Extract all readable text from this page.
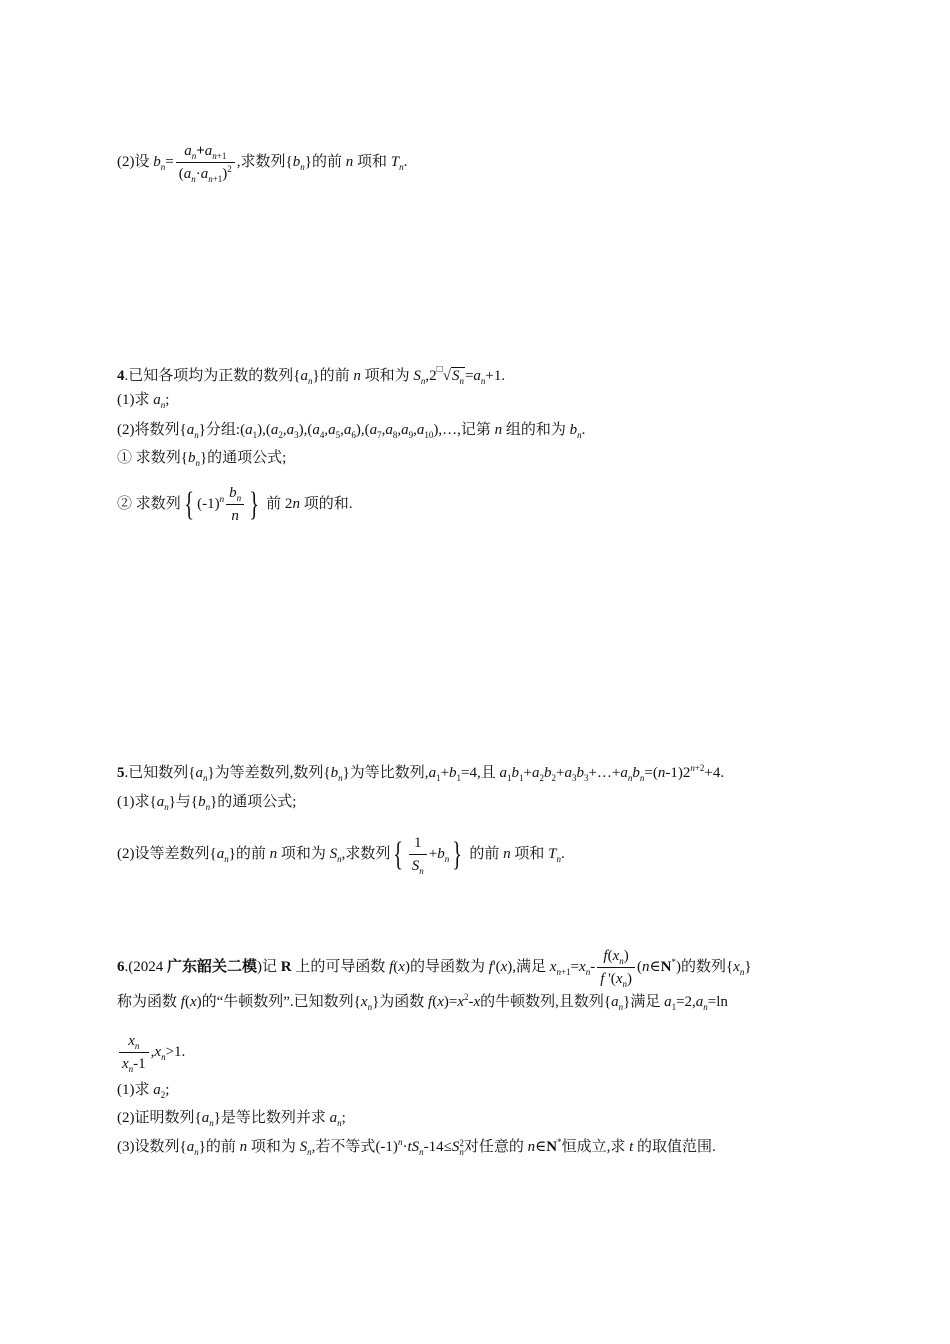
(2)设 $b_n= \frac{a_n+a_{n+1}}{(a_n\cdot a_{n+1})^2}$ ,求数列$\{b_n\}$的前 n 项和 $T_n$.
4.已知各项均为正数的数列$\{a_n\}$的前 n 项和为 $S_n,2^□√S_n=a_n+1$.
(1)求 $a_n$;
(2)将数列$\{a_n\}$分组$:(a_1),(a_2,a_3),(a_4,a_5,a_6),(a_7,a_8,a_9,a_{10}),\dots$,记第 n 组的和为 $b_n$.
① 求数列$\{b_n\}$的通项公式;
② 求数列{ $(-1)^n \frac{b_n}{n}$ } 前 2n 项的和.
5.已知数列$\{a_n\}$为等差数列,数列$\{b_n\}$为等比数列$,a_1+b_1=4$,且 $a_1b_1+a_2b_2+a_3b_3+\dots+a_nb_n=(n-1)2^{n+2}+4$.
(1)求$\{a_n\}$与$\{b_n\}$的通项公式;
(2)设等差数列$\{a_n\}$的前 n 项和为 $S_n$,求数列{ $\frac{1}{S_n} +b_n$} 的前 n 项和 $T_n$.
6.(2024 广东韶关二模)记 R 上的可导函数 f(x)的导函数为 f'(x),满足 $x_{n+1}=x_n- \frac{f(x_n)}{f '(x_n)}$ (n∈N*)的数列$\{x_n\}$
称为函数 f(x)的“牛顿数列”.已知数列$\{x_n\}$为函数 $f(x)=x^2-x$的牛顿数列,且数列$\{a_n\}$满足 $a_1=2,a_n=\ln$
$\frac{x_n}{x_n-1} ,x_n>1$.
(1)求 $a_2$;
(2)证明数列$\{a_n\}$是等比数列并求 $a_n$;
(3)设数列$\{a_n\}$的前 n 项和为 $S_n$,若不等式$(-1)^n\cdot tS_n-14\le S$ 2
n 对任意的 n∈N*恒成立,求 t 的取值范围.
